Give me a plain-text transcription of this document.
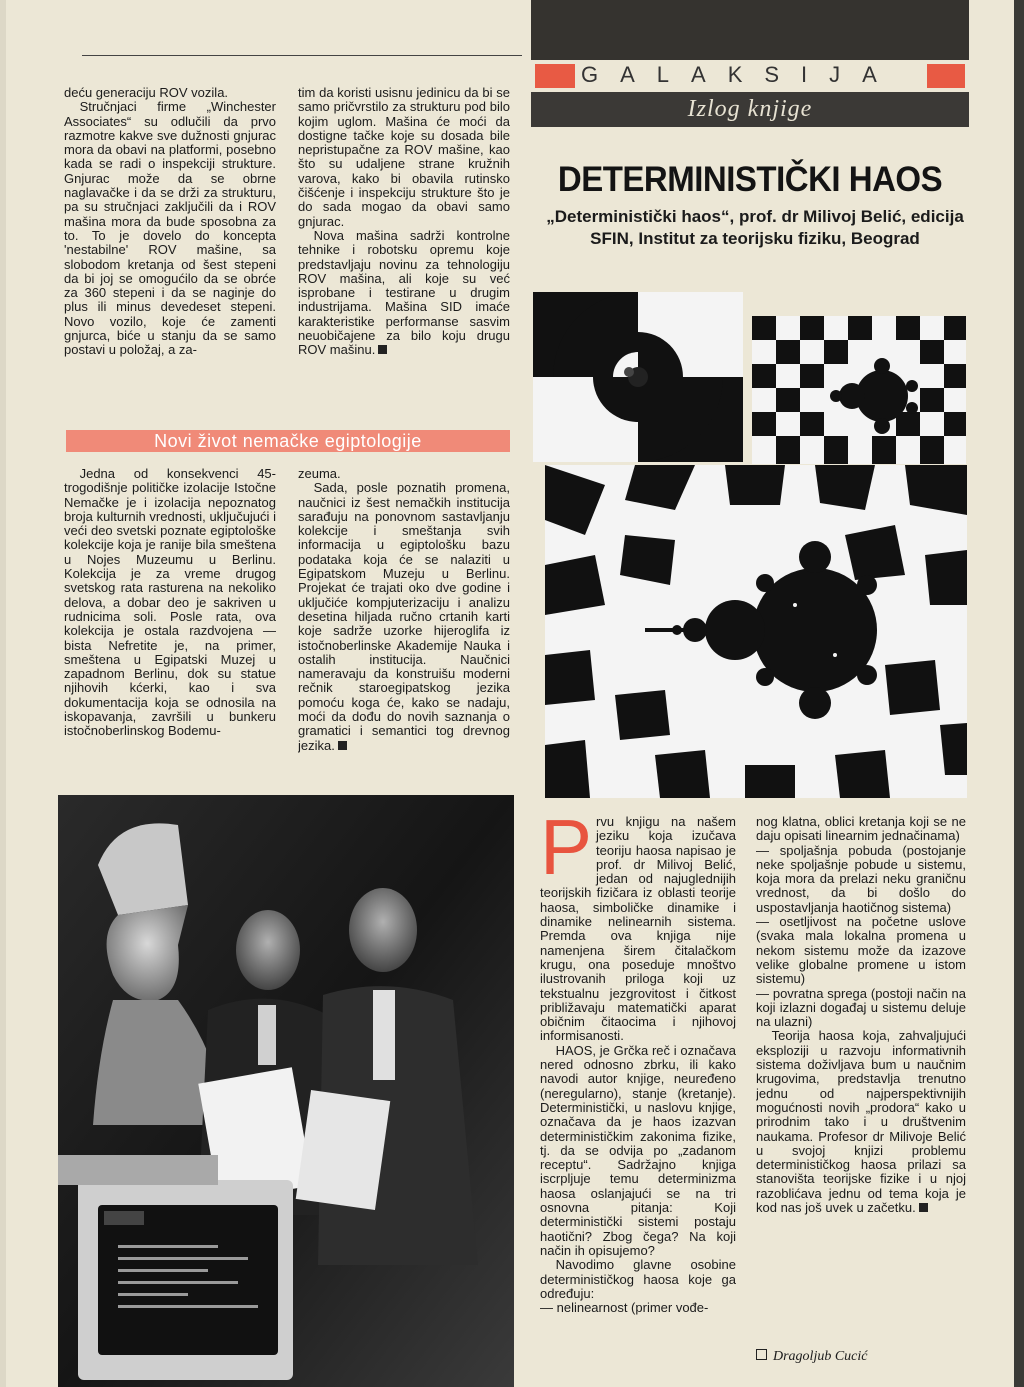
deću generaciju ROV vozila.

Stručnjaci firme „Winchester Associates“ su odlučili da prvo razmotre kakve sve dužnosti gnjurac mora da obavi na platformi, posebno kada se radi o inspekciji strukture. Gnjurac može da se obrne naglavačke i da se drži za strukturu, pa su stručnjaci zaključili da i ROV mašina mora da bude sposobna za to. To je dovelo do koncepta 'nestabilne' ROV mašine, sa slobodom kretanja od šest stepeni da bi joj se omogućilo da se obrće za 360 stepeni i da se naginje do plus ili minus devedeset stepeni. Novo vozilo, koje će zamenti gnjurca, biće u stanju da se samo postavi u položaj, a za-

tim da koristi usisnu jedinicu da bi se samo pričvrstilo za strukturu pod bilo kojim uglom. Mašina će moći da dostigne tačke koje su dosada bile nepristupačne za ROV mašine, kao što su udaljene strane kružnih varova, kako bi obavila rutinsko čišćenje i inspekciju strukture što je do sada mogao da obavi samo gnjurac.

Nova mašina sadrži kontrolne tehnike i robotsku opremu koje predstavljaju novinu za tehnologiju ROV mašina, ali koje su već isprobane i testirane u drugim industrijama. Mašina SID imaće karakteristike performanse sasvim neuobičajene za bilo koju drugu ROV mašinu.

Novi život nemačke egiptologije

Jedna od konsekvenci 45-trogodišnje političke izolacije Istočne Nemačke je i izolacija nepoznatog broja kulturnih vrednosti, uključujući i veći deo svetski poznate egiptološke kolekcije koja je ranije bila smeštena u Nojes Muzeumu u Berlinu. Kolekcija je za vreme drugog svetskog rata rasturena na nekoliko delova, a dobar deo je sakriven u rudnicima soli. Posle rata, ova kolekcija je ostala razdvojena — bista Nefretite je, na primer, smeštena u Egipatski Muzej u zapadnom Berlinu, dok su statue njihovih kćerki, kao i sva dokumentacija koja se odnosila na iskopavanja, završili u bunkeru istočnoberlinskog Bodemu-

zeuma.

Sada, posle poznatih promena, naučnici iz šest nemačkih institucija sarađuju na ponovnom sastavljanju kolekcije i smeštanja svih informacija u egiptološku bazu podataka koja će se nalaziti u Egipatskom Muzeju u Berlinu. Projekat će trajati oko dve godine i uključiće kompjuterizaciju i analizu desetina hiljada ručno crtanih karti koje sadrže uzorke hijeroglifa iz istočnoberlinske Akademije Nauka i ostalih institucija. Naučnici nameravaju da konstruišu moderni rečnik staroegipatskog jezika pomoću koga će, kako se nadaju, moći da dođu do novih saznanja o gramatici i semantici tog drevnog jezika.

GALAKSIJA
Izlog knjige
DETERMINISTIČKI HAOS
„Deterministički haos“, prof. dr Milivoj Belić, edicija SFIN, Institut za teorijsku fiziku, Beograd

Prvu knjigu na našem jeziku koja izučava teoriju haosa napisao je prof. dr Milivoj Belić, jedan od najuglednijih teorijskih fizičara iz oblasti teorije haosa, simboličke dinamike i dinamike nelinearnih sistema. Premda ova knjiga nije namenjena širem čitalačkom krugu, ona poseduje mnoštvo ilustrovanih priloga koji uz tekstualnu jezgrovitost i čitkost približavaju matematički aparat običnim čitaocima i njihovoj informisanosti.

HAOS, je Grčka reč i označava nered odnosno zbrku, ili kako navodi autor knjige, neuređeno (neregularno), stanje (kretanje). Deterministički, u naslovu knjige, označava da je haos izazvan determinističkim zakonima fizike, tj. da se odvija po „zadanom receptu“. Sadržajno knjiga iscrpljuje temu determinizma haosa oslanjajući se na tri osnovna pitanja: Koji deterministički sistemi postaju haotični? Zbog čega? Na koji način ih opisujemo?

Navodimo glavne osobine determinističkog haosa koje ga određuju:

— nelinearnost (primer vođe-

nog klatna, oblici kretanja koji se ne daju opisati linearnim jednačinama)

— spoljašnja pobuda (postojanje neke spoljašnje pobude u sistemu, koja mora da prelazi neku graničnu vrednost, da bi došlo do uspostavljanja haotičnog sistema)

— osetljivost na početne uslove (svaka mala lokalna promena u nekom sistemu može da izazove velike globalne promene u istom sistemu)

— povratna sprega (postoji način na koji izlazni događaj u sistemu deluje na ulazni)

Teorija haosa koja, zahvaljujući eksploziji u razvoju informativnih sistema doživljava bum u naučnim krugovima, predstavlja trenutno jednu od najperspektivnijih mogućnosti novih „prodora“ kako u prirodnim tako i u društvenim naukama. Profesor dr Milivoje Belić u svojoj knjizi problemu determinističkog haosa prilazi sa stanovišta teorijske fizike i u njoj razoblićava jednu od tema koja je kod nas još uvek u začetku.

Dragoljub Cucić
